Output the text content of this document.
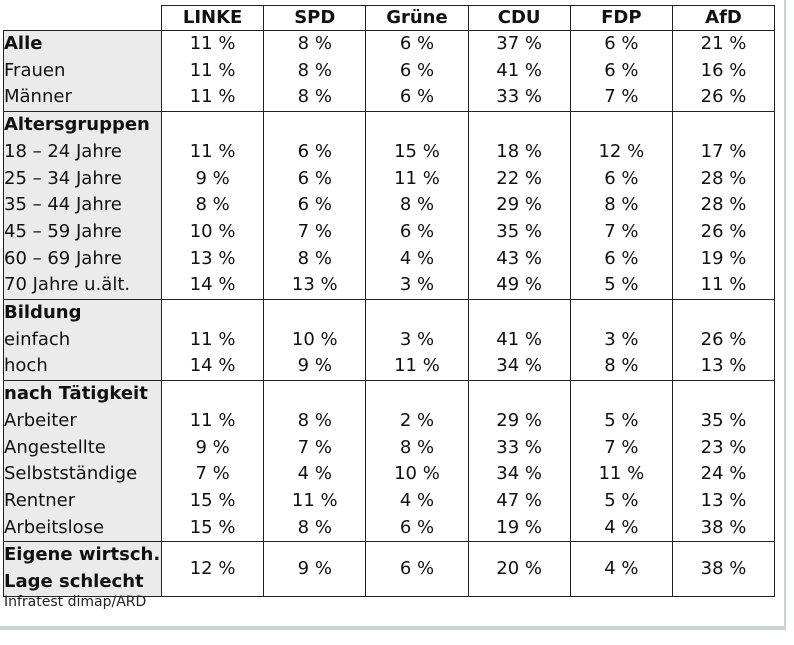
	LINKE	SPD	Grüne	CDU	FDP	AfD
Alle	11 %	8 %	6 %	37 %	6 %	21 %
Frauen	11 %	8 %	6 %	41 %	6 %	16 %
Männer	11 %	8 %	6 %	33 %	7 %	26 %
Altersgruppen						
18 – 24 Jahre	11 %	6 %	15 %	18 %	12 %	17 %
25 – 34 Jahre	9 %	6 %	11 %	22 %	6 %	28 %
35 – 44 Jahre	8 %	6 %	8 %	29 %	8 %	28 %
45 – 59 Jahre	10 %	7 %	6 %	35 %	7 %	26 %
60 – 69 Jahre	13 %	8 %	4 %	43 %	6 %	19 %
70 Jahre u.ält.	14 %	13 %	3 %	49 %	5 %	11 %
Bildung						
einfach	11 %	10 %	3 %	41 %	3 %	26 %
hoch	14 %	9 %	11 %	34 %	8 %	13 %
nach Tätigkeit						
Arbeiter	11 %	8 %	2 %	29 %	5 %	35 %
Angestellte	9 %	7 %	8 %	33 %	7 %	23 %
Selbstständige	7 %	4 %	10 %	34 %	11 %	24 %
Rentner	15 %	11 %	4 %	47 %	5 %	13 %
Arbeitslose	15 %	8 %	6 %	19 %	4 %	38 %

Eigene wirtsch.
Lage schlecht	12 %	9 %	6 %	20 %	4 %	38 %
Infratest dimap/ARD
